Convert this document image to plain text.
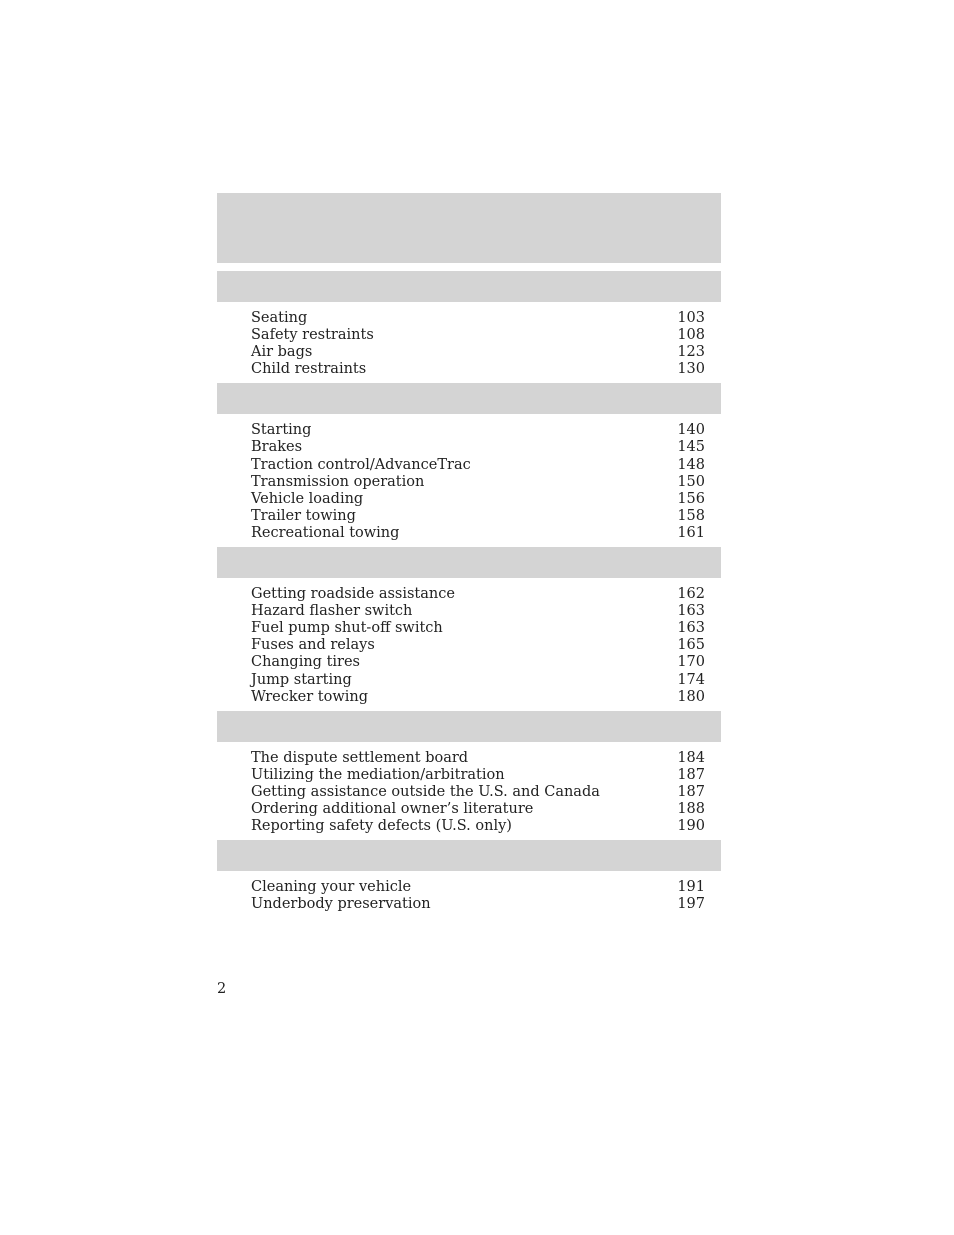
Seating	103
Safety restraints	108
Air bags	123
Child restraints	130
Starting	140
Brakes	145
Traction control/AdvanceTrac	148
Transmission operation	150
Vehicle loading	156
Trailer towing	158
Recreational towing	161
Getting roadside assistance	162
Hazard flasher switch	163
Fuel pump shut-off switch	163
Fuses and relays	165
Changing tires	170
Jump starting	174
Wrecker towing	180
The dispute settlement board	184
Utilizing the mediation/arbitration	187
Getting assistance outside the U.S. and Canada	187
Ordering additional owner’s literature	188
Reporting safety defects (U.S. only)	190
Cleaning your vehicle	191
Underbody preservation	197
2
